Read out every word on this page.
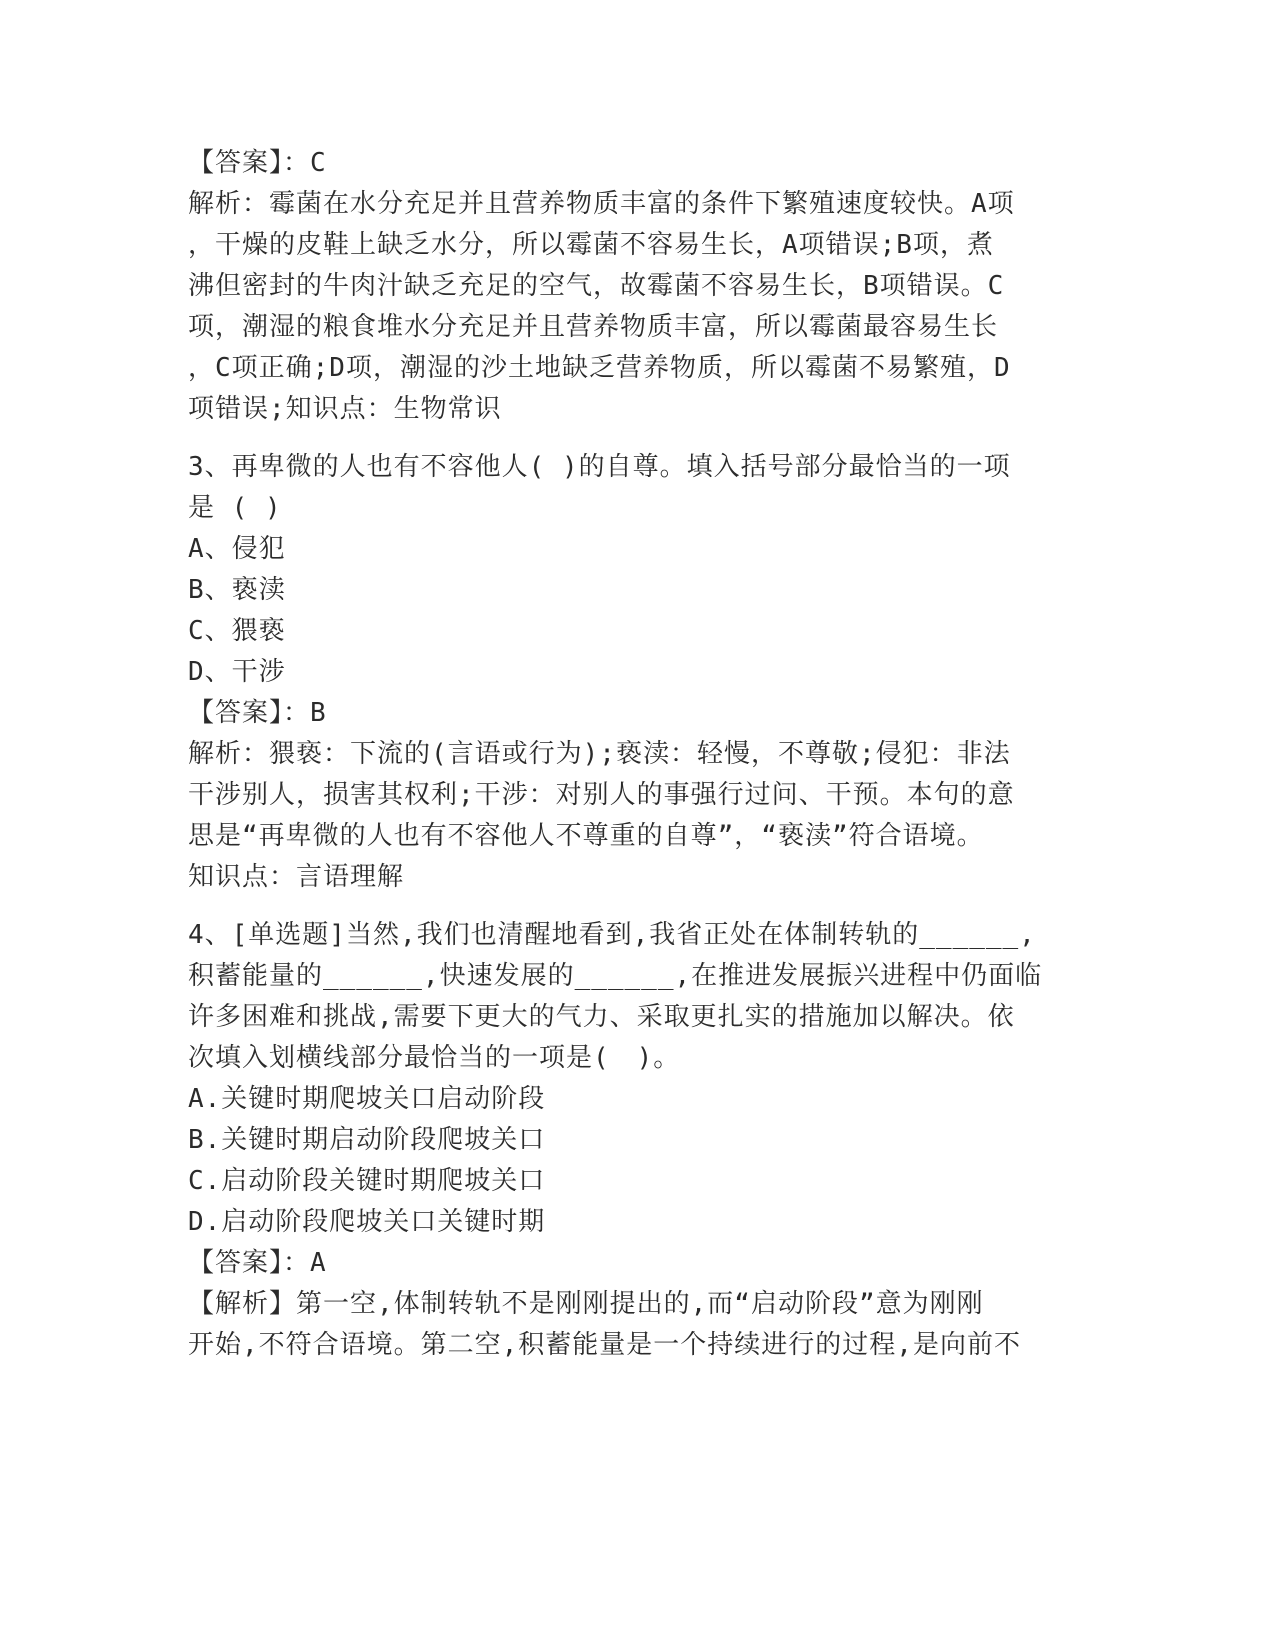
【答案】：C
解析：霉菌在水分充足并且营养物质丰富的条件下繁殖速度较快。A项
，干燥的皮鞋上缺乏水分，所以霉菌不容易生长，A项错误;B项，煮
沸但密封的牛肉汁缺乏充足的空气，故霉菌不容易生长，B项错误。C
项，潮湿的粮食堆水分充足并且营养物质丰富，所以霉菌最容易生长
，C项正确;D项，潮湿的沙土地缺乏营养物质，所以霉菌不易繁殖，D
项错误;知识点：生物常识
3、再卑微的人也有不容他人( )的自尊。填入括号部分最恰当的一项
是 ( )
A、侵犯
B、亵渎
C、猥亵
D、干涉
【答案】：B
解析：猥亵：下流的(言语或行为);亵渎：轻慢，不尊敬;侵犯：非法
干涉别人，损害其权利;干涉：对别人的事强行过问、干预。本句的意
思是“再卑微的人也有不容他人不尊重的自尊”，“亵渎”符合语境。
知识点：言语理解
4、[单选题]当然,我们也清醒地看到,我省正处在体制转轨的______,
积蓄能量的______,快速发展的______,在推进发展振兴进程中仍面临
许多困难和挑战,需要下更大的气力、采取更扎实的措施加以解决。依
次填入划横线部分最恰当的一项是(　)。
A.关键时期爬坡关口启动阶段
B.关键时期启动阶段爬坡关口
C.启动阶段关键时期爬坡关口
D.启动阶段爬坡关口关键时期
【答案】：A
【解析】第一空,体制转轨不是刚刚提出的,而“启动阶段”意为刚刚
开始,不符合语境。第二空,积蓄能量是一个持续进行的过程,是向前不
